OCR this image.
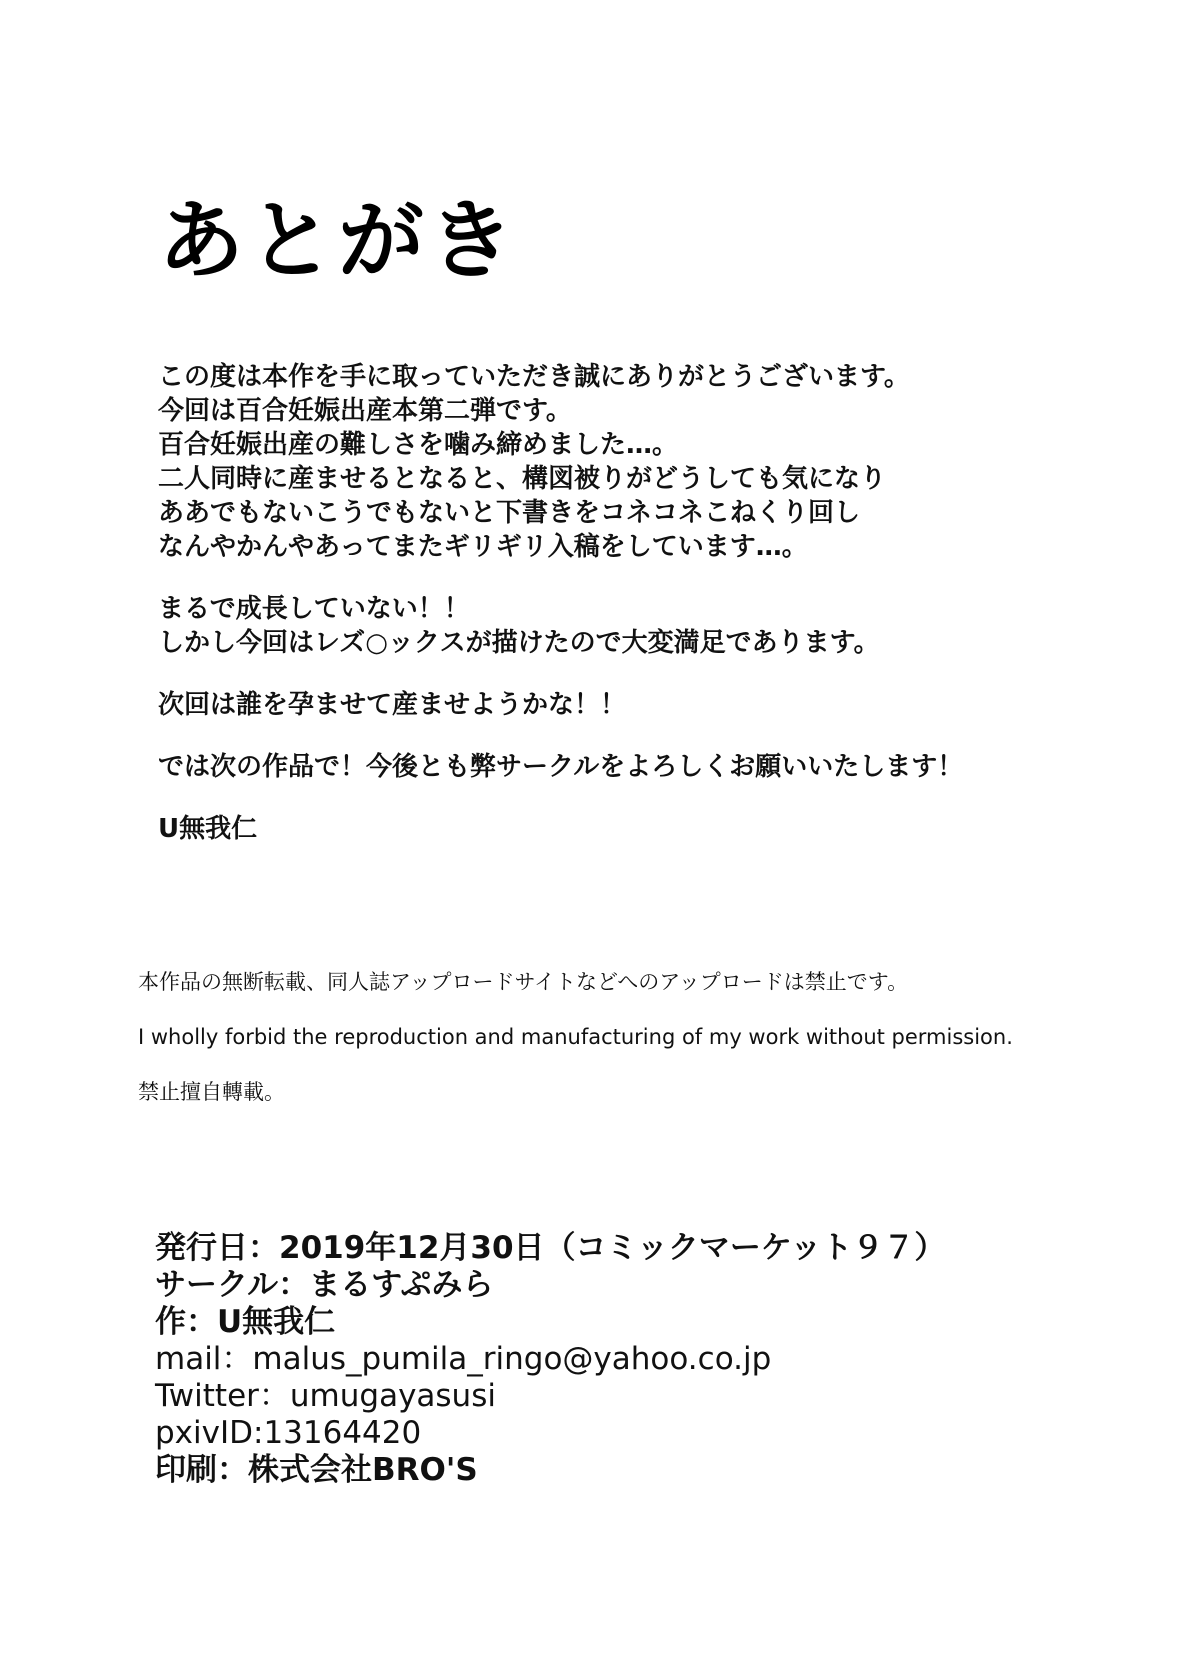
あとがき
この度は本作を手に取っていただき誠にありがとうございます。
今回は百合妊娠出産本第二弾です。
百合妊娠出産の難しさを噛み締めました…。
二人同時に産ませるとなると、構図被りがどうしても気になり
ああでもないこうでもないと下書きをコネコネこねくり回し
なんやかんやあってまたギリギリ入稿をしています…。
まるで成長していない！！
しかし今回はレズ○ックスが描けたので大変満足であります。
次回は誰を孕ませて産ませようかな！！
では次の作品で！今後とも弊サークルをよろしくお願いいたします！
U無我仁
本作品の無断転載、同人誌アップロードサイトなどへのアップロードは禁止です。
I wholly forbid the reproduction and manufacturing of my work without permission.
禁止擅自轉載。
発行日：2019年12月30日（コミックマーケット９７）
サークル：まるすぷみら
作：U無我仁
mail：malus_pumila_ringo@yahoo.co.jp
Twitter：umugayasusi
pxivID:13164420
印刷：株式会社BRO'S
